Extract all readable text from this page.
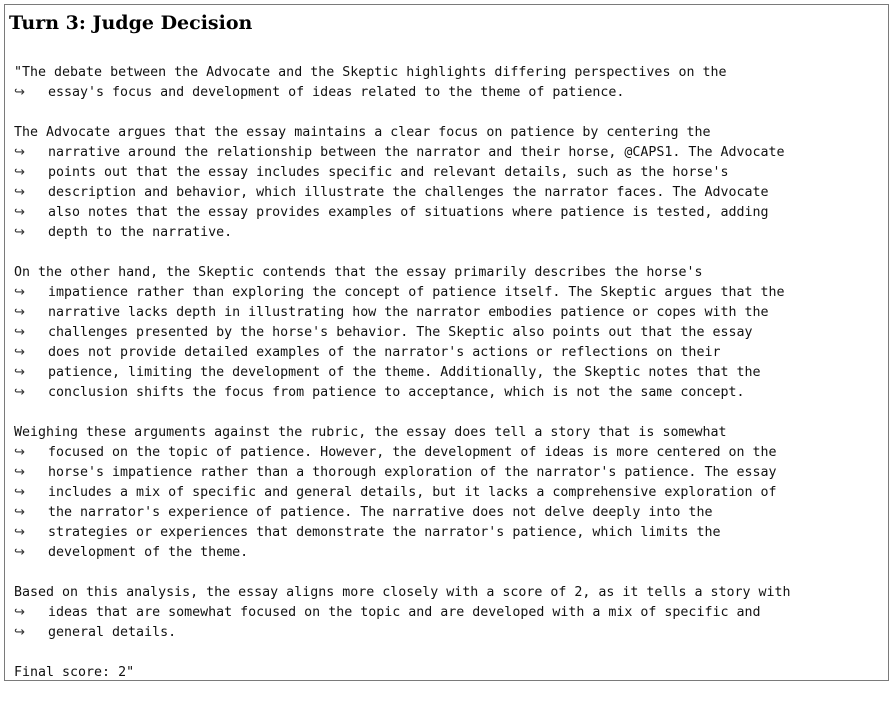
Turn 3: Judge Decision
"The debate between the Advocate and the Skeptic highlights differing perspectives on the
↪ essay's focus and development of ideas related to the theme of patience.
The Advocate argues that the essay maintains a clear focus on patience by centering the
↪ narrative around the relationship between the narrator and their horse, @CAPS1. The Advocate
↪ points out that the essay includes specific and relevant details, such as the horse's
↪ description and behavior, which illustrate the challenges the narrator faces. The Advocate
↪ also notes that the essay provides examples of situations where patience is tested, adding
↪ depth to the narrative.
On the other hand, the Skeptic contends that the essay primarily describes the horse's
↪ impatience rather than exploring the concept of patience itself. The Skeptic argues that the
↪ narrative lacks depth in illustrating how the narrator embodies patience or copes with the
↪ challenges presented by the horse's behavior. The Skeptic also points out that the essay
↪ does not provide detailed examples of the narrator's actions or reflections on their
↪ patience, limiting the development of the theme. Additionally, the Skeptic notes that the
↪ conclusion shifts the focus from patience to acceptance, which is not the same concept.
Weighing these arguments against the rubric, the essay does tell a story that is somewhat
↪ focused on the topic of patience. However, the development of ideas is more centered on the
↪ horse's impatience rather than a thorough exploration of the narrator's patience. The essay
↪ includes a mix of specific and general details, but it lacks a comprehensive exploration of
↪ the narrator's experience of patience. The narrative does not delve deeply into the
↪ strategies or experiences that demonstrate the narrator's patience, which limits the
↪ development of the theme.
Based on this analysis, the essay aligns more closely with a score of 2, as it tells a story with
↪ ideas that are somewhat focused on the topic and are developed with a mix of specific and
↪ general details.
Final score: 2"
